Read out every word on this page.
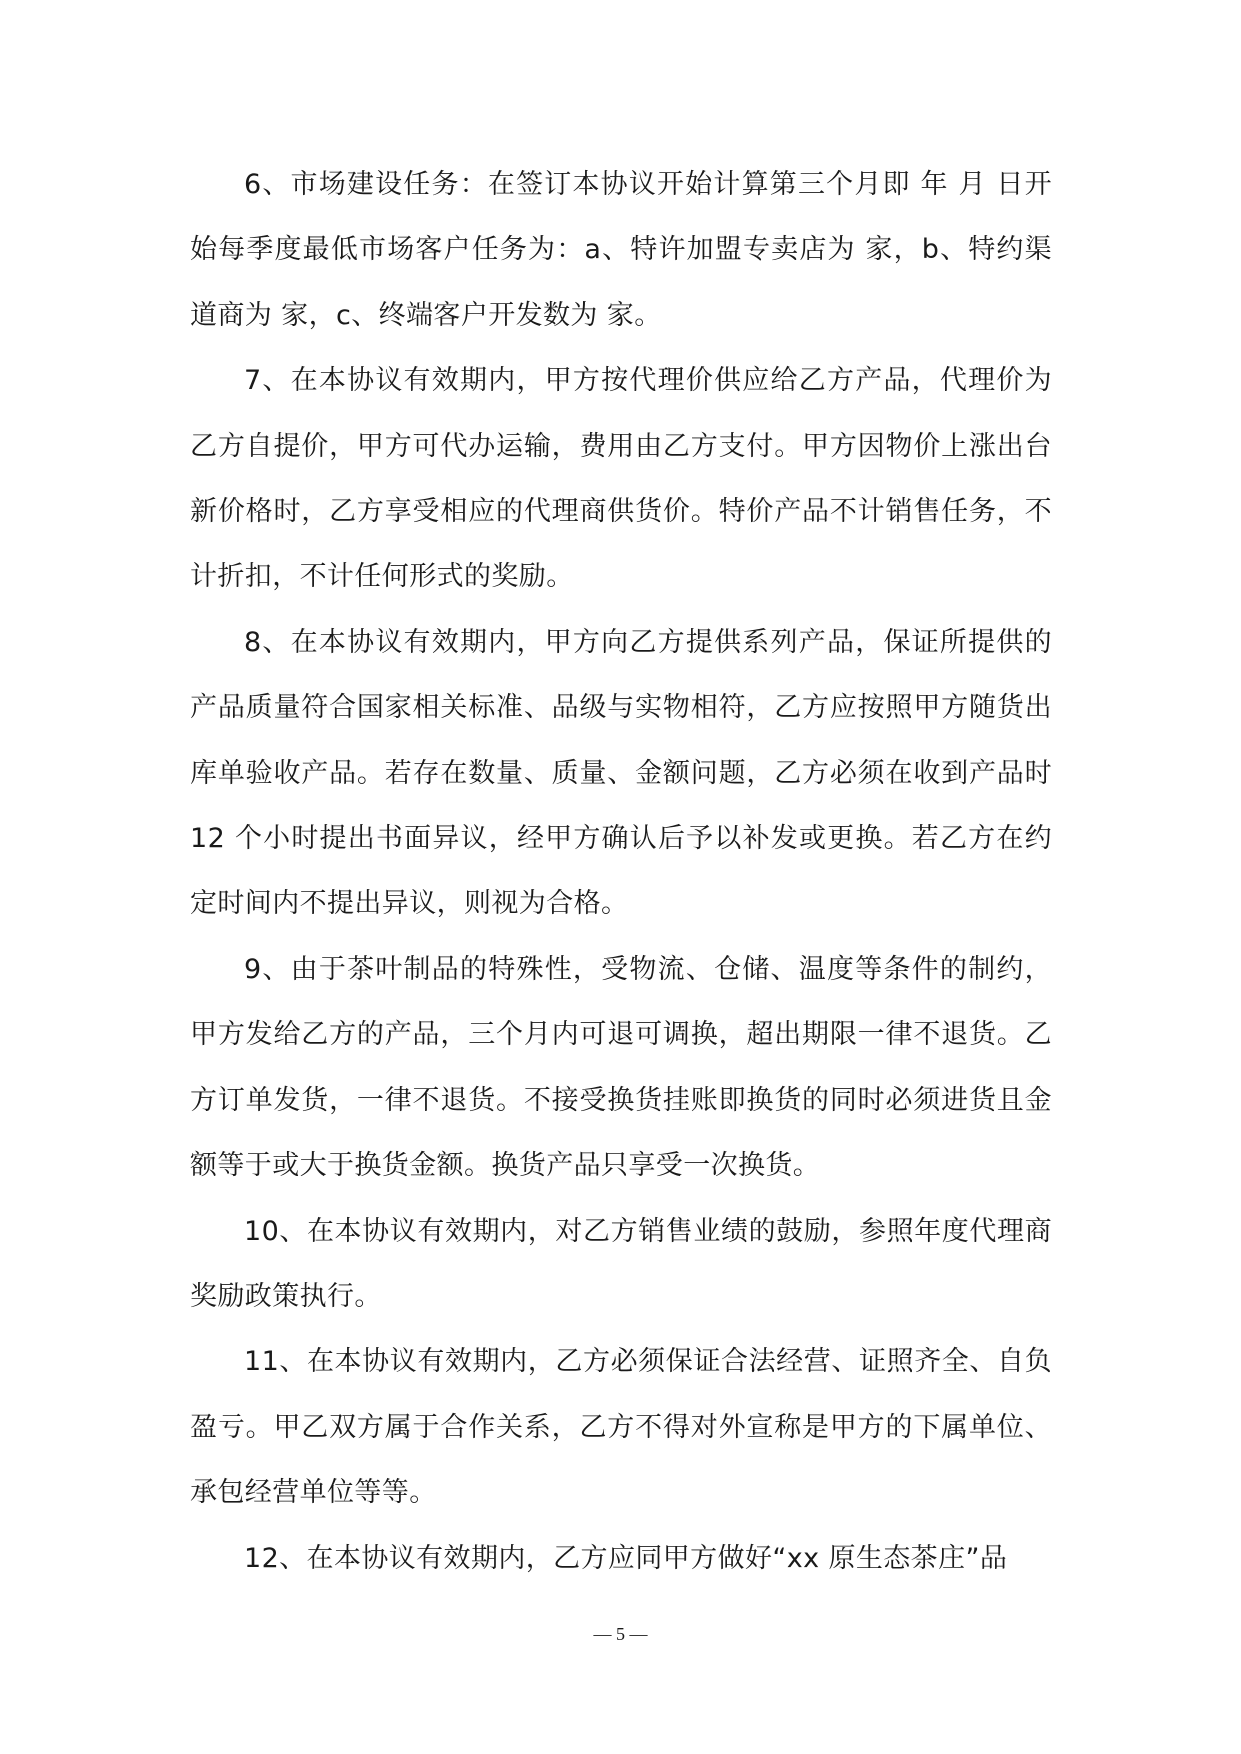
6、市场建设任务：在签订本协议开始计算第三个月即 年 月 日开始每季度最低市场客户任务为：a、特许加盟专卖店为 家，b、特约渠道商为 家，c、终端客户开发数为 家。

7、在本协议有效期内，甲方按代理价供应给乙方产品，代理价为乙方自提价，甲方可代办运输，费用由乙方支付。甲方因物价上涨出台新价格时，乙方享受相应的代理商供货价。特价产品不计销售任务，不计折扣，不计任何形式的奖励。

8、在本协议有效期内，甲方向乙方提供系列产品，保证所提供的产品质量符合国家相关标准、品级与实物相符，乙方应按照甲方随货出库单验收产品。若存在数量、质量、金额问题，乙方必须在收到产品时 12 个小时提出书面异议，经甲方确认后予以补发或更换。若乙方在约定时间内不提出异议，则视为合格。

9、由于茶叶制品的特殊性，受物流、仓储、温度等条件的制约，甲方发给乙方的产品，三个月内可退可调换，超出期限一律不退货。乙方订单发货，一律不退货。不接受换货挂账即换货的同时必须进货且金额等于或大于换货金额。换货产品只享受一次换货。

10、在本协议有效期内，对乙方销售业绩的鼓励，参照年度代理商奖励政策执行。

11、在本协议有效期内，乙方必须保证合法经营、证照齐全、自负盈亏。甲乙双方属于合作关系，乙方不得对外宣称是甲方的下属单位、承包经营单位等等。

12、在本协议有效期内，乙方应同甲方做好“xx 原生态茶庄”品

— 5 —
